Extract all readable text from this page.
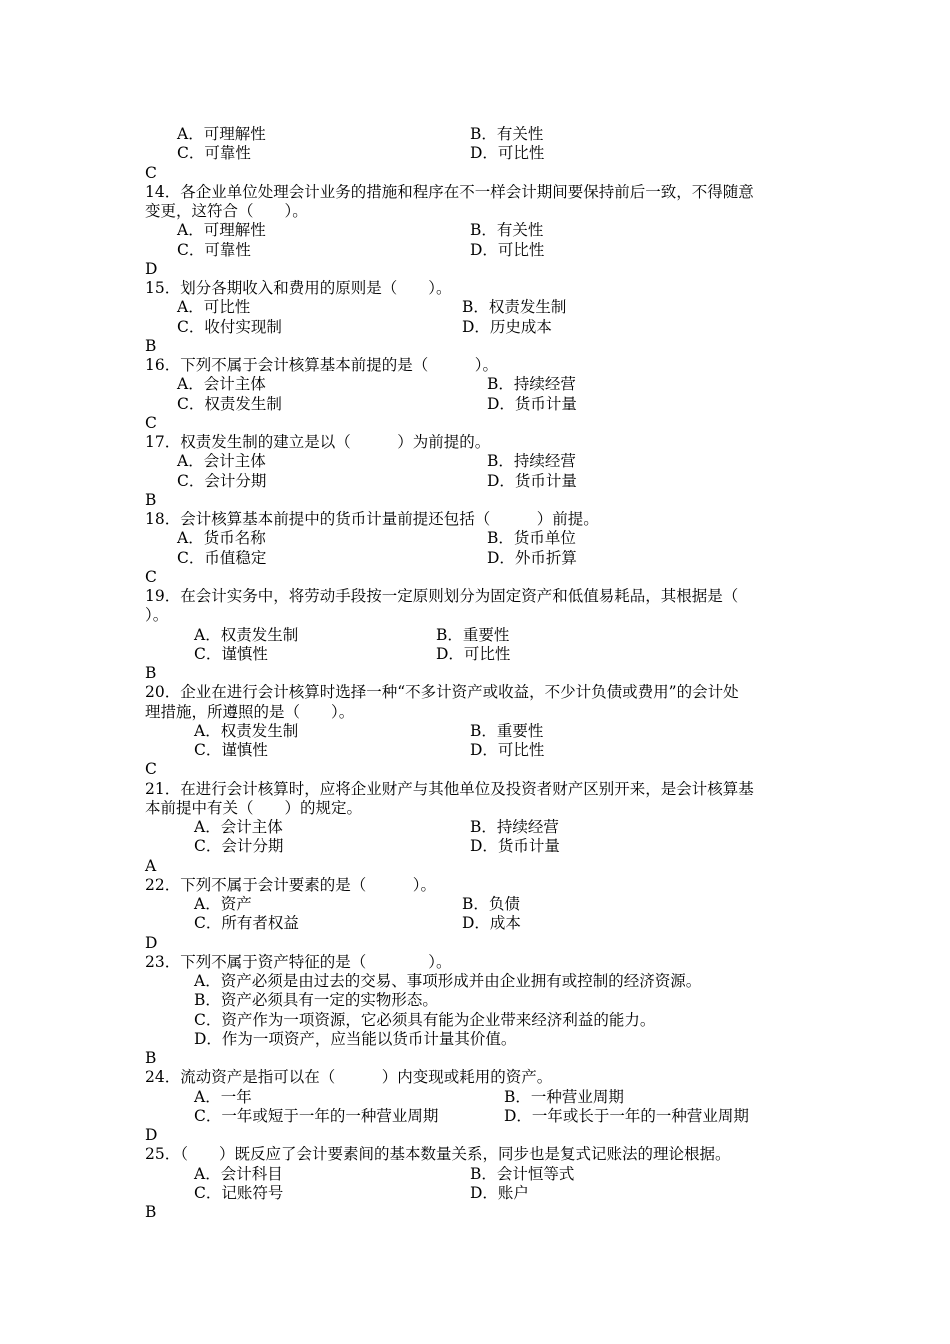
A．可理解性	B．有关性
C．可靠性	D．可比性
C
14．各企业单位处理会计业务的措施和程序在不一样会计期间要保持前后一致，不得随意
变更，这符合（　　）。
A．可理解性	B．有关性
C．可靠性	D．可比性
D
15．划分各期收入和费用的原则是（　　）。
A．可比性	B．权责发生制
C．收付实现制	D．历史成本
B
16．下列不属于会计核算基本前提的是（　　　）。
A．会计主体	B．持续经营
C．权责发生制	D．货币计量
C
17．权责发生制的建立是以（　　　）为前提的。
A．会计主体	B．持续经营
C．会计分期	D．货币计量
B
18．会计核算基本前提中的货币计量前提还包括（　　　）前提。
A．货币名称	B．货币单位
C．币值稳定	D．外币折算
C
19．在会计实务中，将劳动手段按一定原则划分为固定资产和低值易耗品，其根据是（
）。
A．权责发生制	B．重要性
C．谨慎性	D．可比性
B
20．企业在进行会计核算时选择一种“不多计资产或收益，不少计负债或费用”的会计处
理措施，所遵照的是（　　）。
A．权责发生制	B．重要性
C．谨慎性	D．可比性
C
21．在进行会计核算时，应将企业财产与其他单位及投资者财产区别开来，是会计核算基
本前提中有关（　　）的规定。
A．会计主体	B．持续经营
C．会计分期	D．货币计量
A
22．下列不属于会计要素的是（　　　）。
A．资产	B．负债
C．所有者权益	D．成本
D
23．下列不属于资产特征的是（　　　　）。
A．资产必须是由过去的交易、事项形成并由企业拥有或控制的经济资源。
B．资产必须具有一定的实物形态。
C．资产作为一项资源，它必须具有能为企业带来经济利益的能力。
D．作为一项资产，应当能以货币计量其价值。
B
24．流动资产是指可以在（　　　）内变现或耗用的资产。
A．一年	B．一种营业周期
C．一年或短于一年的一种营业周期	D．一年或长于一年的一种营业周期
D
25．（　　）既反应了会计要素间的基本数量关系，同步也是复式记账法的理论根据。
A．会计科目	B．会计恒等式
C．记账符号	D．账户
B
